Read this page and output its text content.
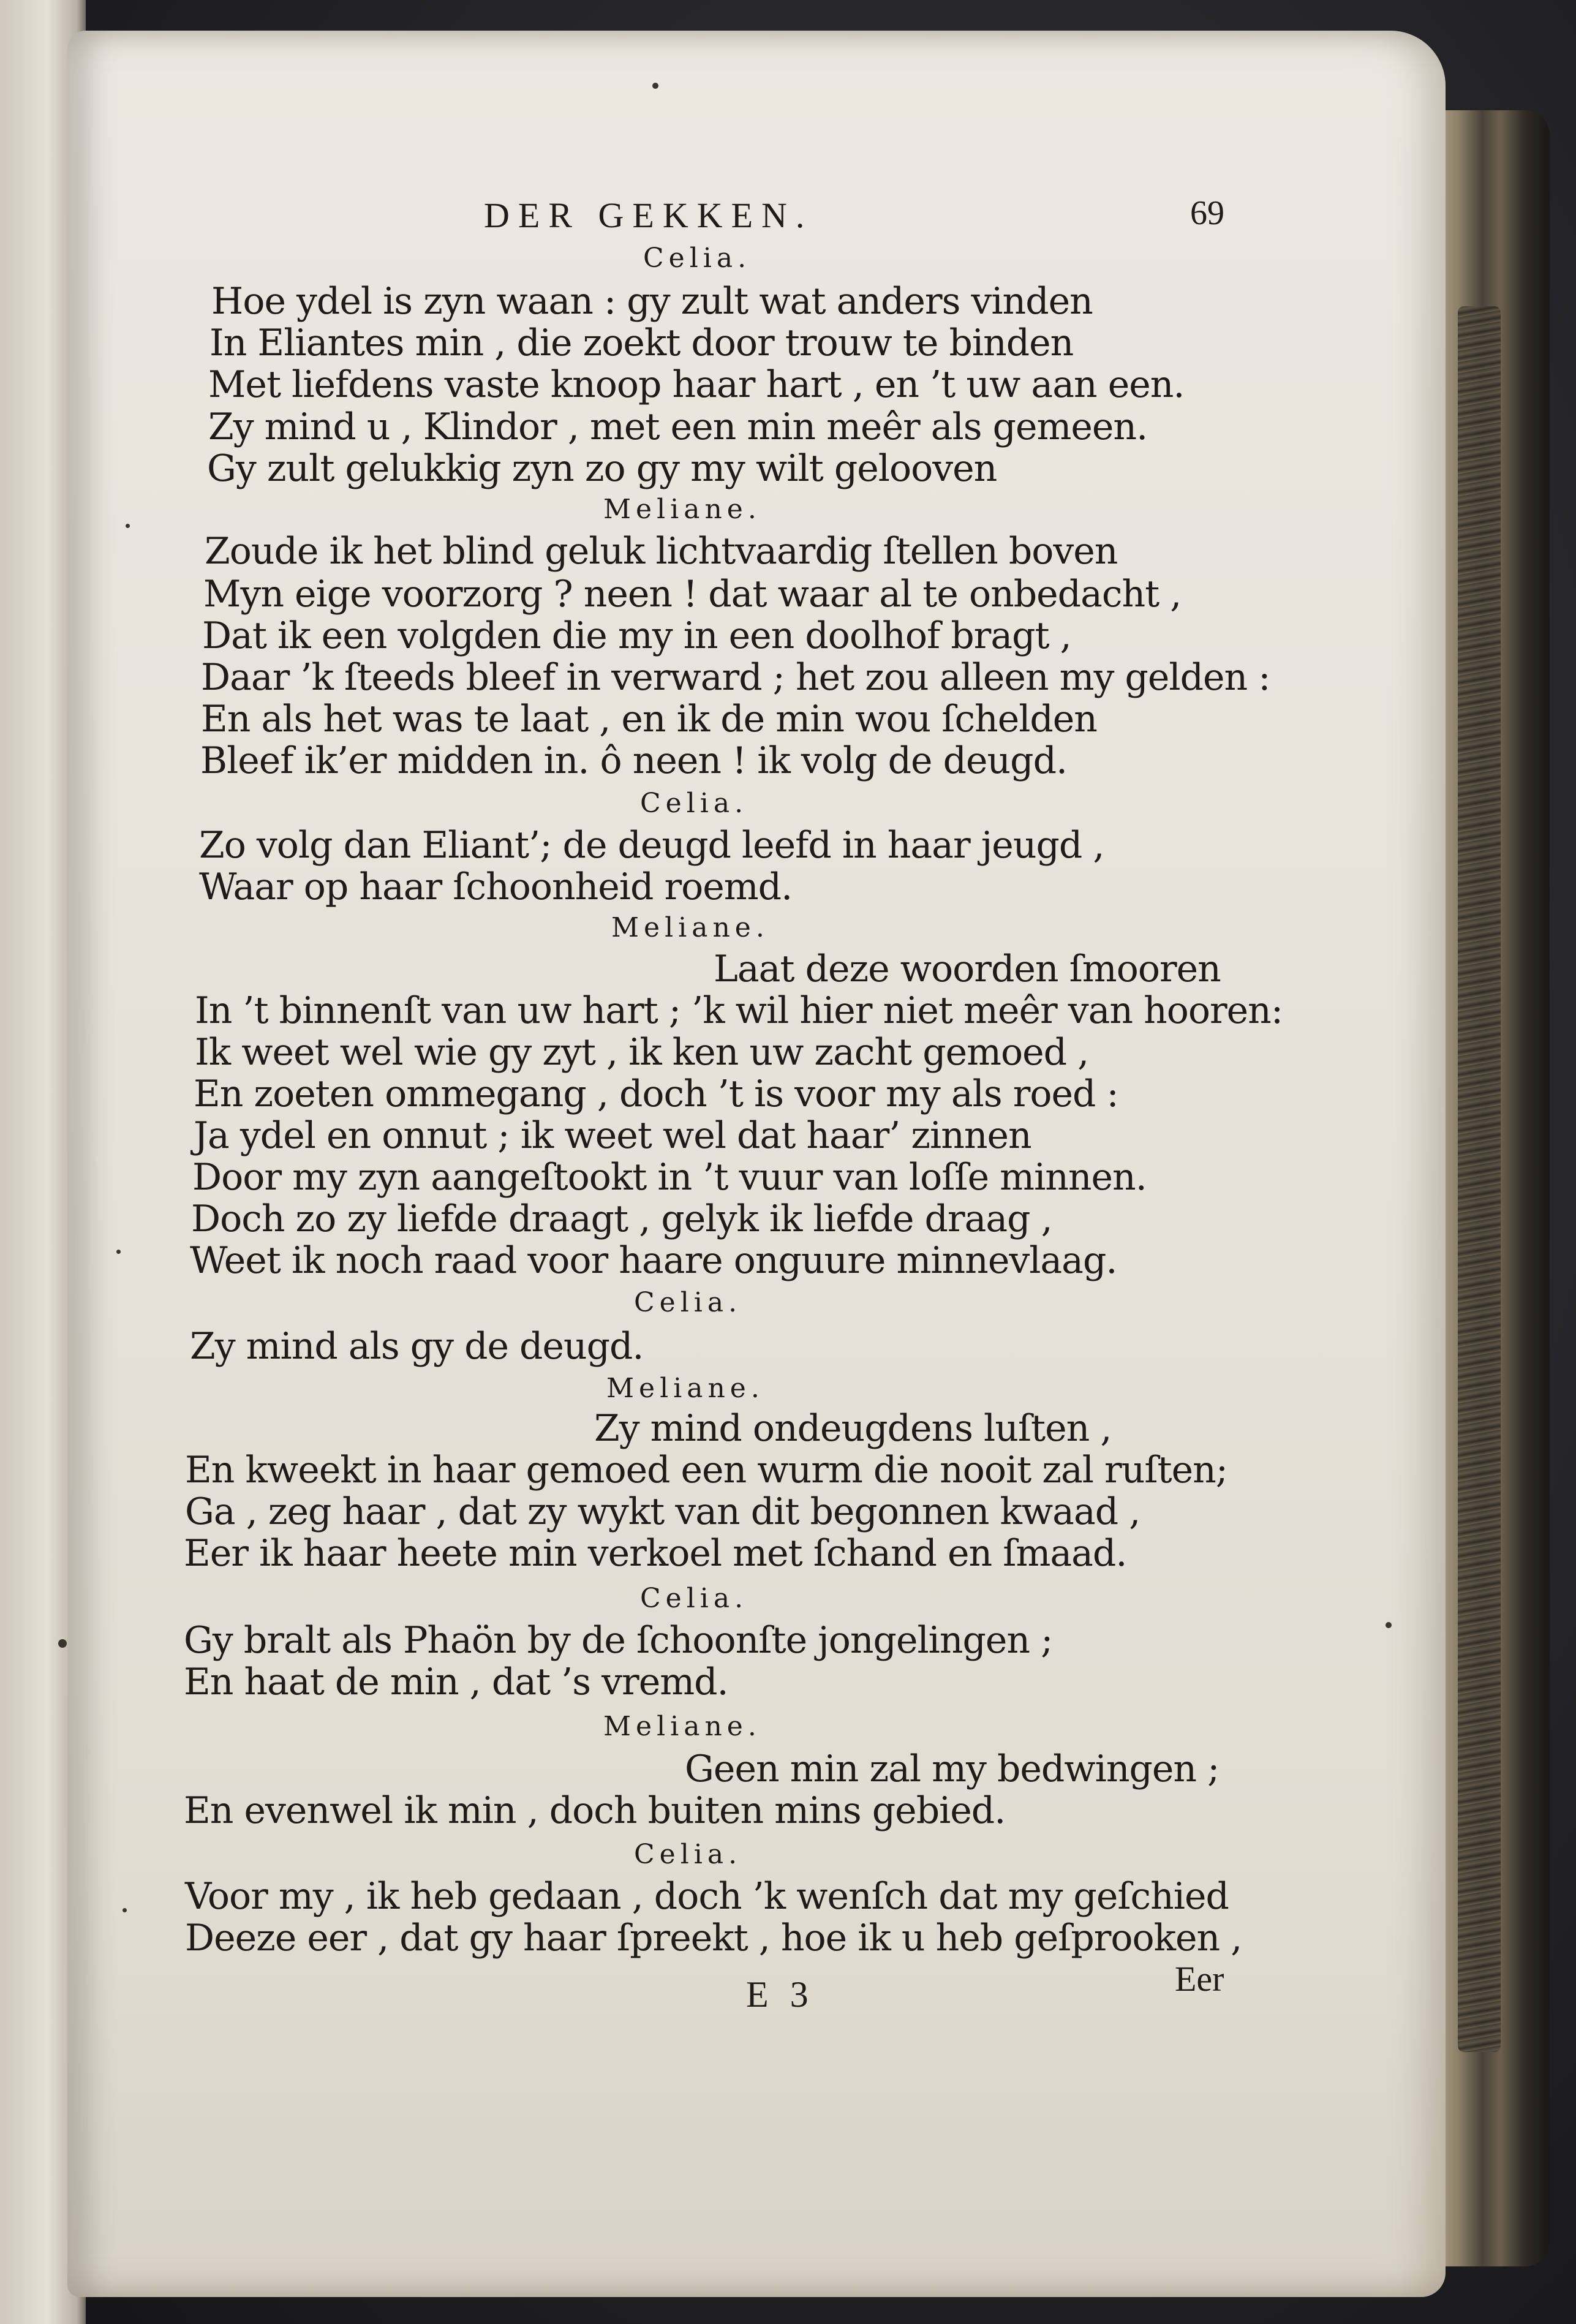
DER GEKKEN.	69
Celia.
Hoe ydel is zyn waan : gy zult wat anders vinden
In Eliantes min , die zoekt door trouw te binden
Met liefdens vaste knoop haar hart , en ’t uw aan een.
Zy mind u , Klindor , met een min meêr als gemeen.
Gy zult gelukkig zyn zo gy my wilt gelooven
Meliane.
Zoude ik het blind geluk lichtvaardig ſtellen boven
Myn eige voorzorg ? neen ! dat waar al te onbedacht ,
Dat ik een volgden die my in een doolhof bragt ,
Daar ’k ſteeds bleef in verward ; het zou alleen my gelden :
En als het was te laat , en ik de min wou ſchelden
Bleef ik’er midden in. ô neen ! ik volg de deugd.
Celia.
Zo volg dan Eliant’; de deugd leefd in haar jeugd ,
Waar op haar ſchoonheid roemd.
Meliane.
Laat deze woorden ſmooren
In ’t binnenſt van uw hart ; ’k wil hier niet meêr van hooren:
Ik weet wel wie gy zyt , ik ken uw zacht gemoed ,
En zoeten ommegang , doch ’t is voor my als roed :
Ja ydel en onnut ; ik weet wel dat haar’ zinnen
Door my zyn aangeſtookt in ’t vuur van loſſe minnen.
Doch zo zy liefde draagt , gelyk ik liefde draag ,
Weet ik noch raad voor haare onguure minnevlaag.
Celia.
Zy mind als gy de deugd.
Meliane.
Zy mind ondeugdens luſten ,
En kweekt in haar gemoed een wurm die nooit zal ruſten;
Ga , zeg haar , dat zy wykt van dit begonnen kwaad ,
Eer ik haar heete min verkoel met ſchand en ſmaad.
Celia.
Gy bralt als Phaön by de ſchoonſte jongelingen ;
En haat de min , dat ’s vremd.
Meliane.
Geen min zal my bedwingen ;
En evenwel ik min , doch buiten mins gebied.
Celia.
Voor my , ik heb gedaan , doch ’k wenſch dat my geſchied
Deeze eer , dat gy haar ſpreekt , hoe ik u heb geſprooken ,
Eer
E 3
